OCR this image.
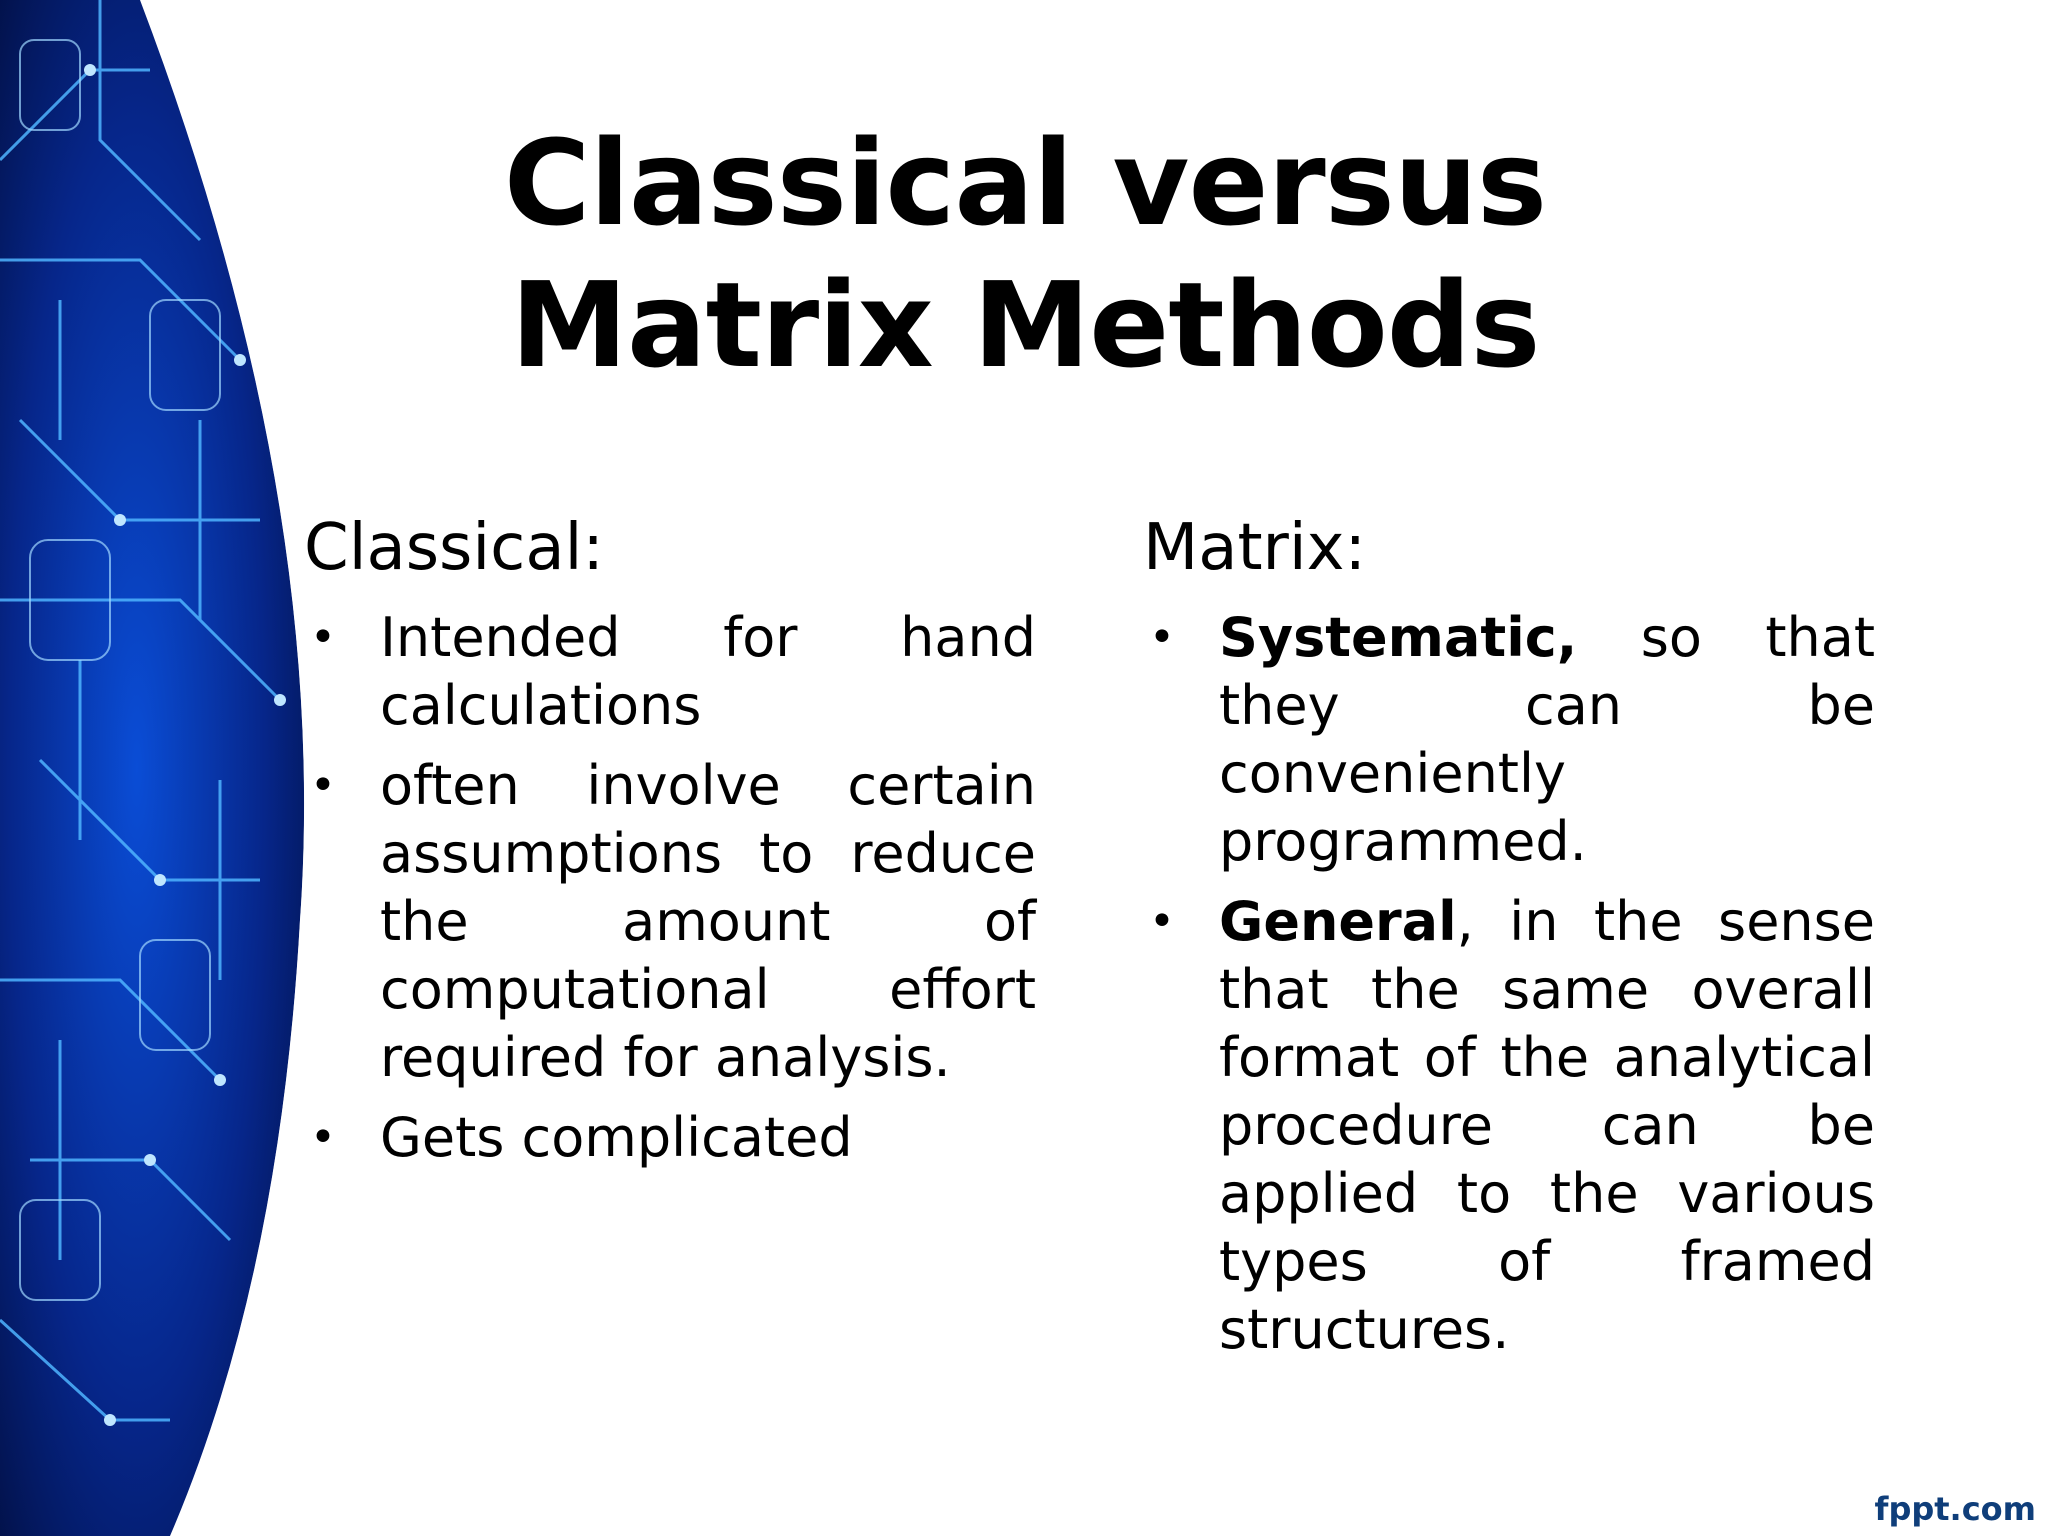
Classical versus
Matrix Methods
Classical:
• Intended for hand calculations
• often involve certain assumptions to reduce the amount of computational effort required for analysis.
• Gets complicated
Matrix:
• Systematic, so that they can be conveniently programmed.
• General, in the sense that the same overall format of the analytical procedure can be applied to the various types of framed structures.
fppt.com
